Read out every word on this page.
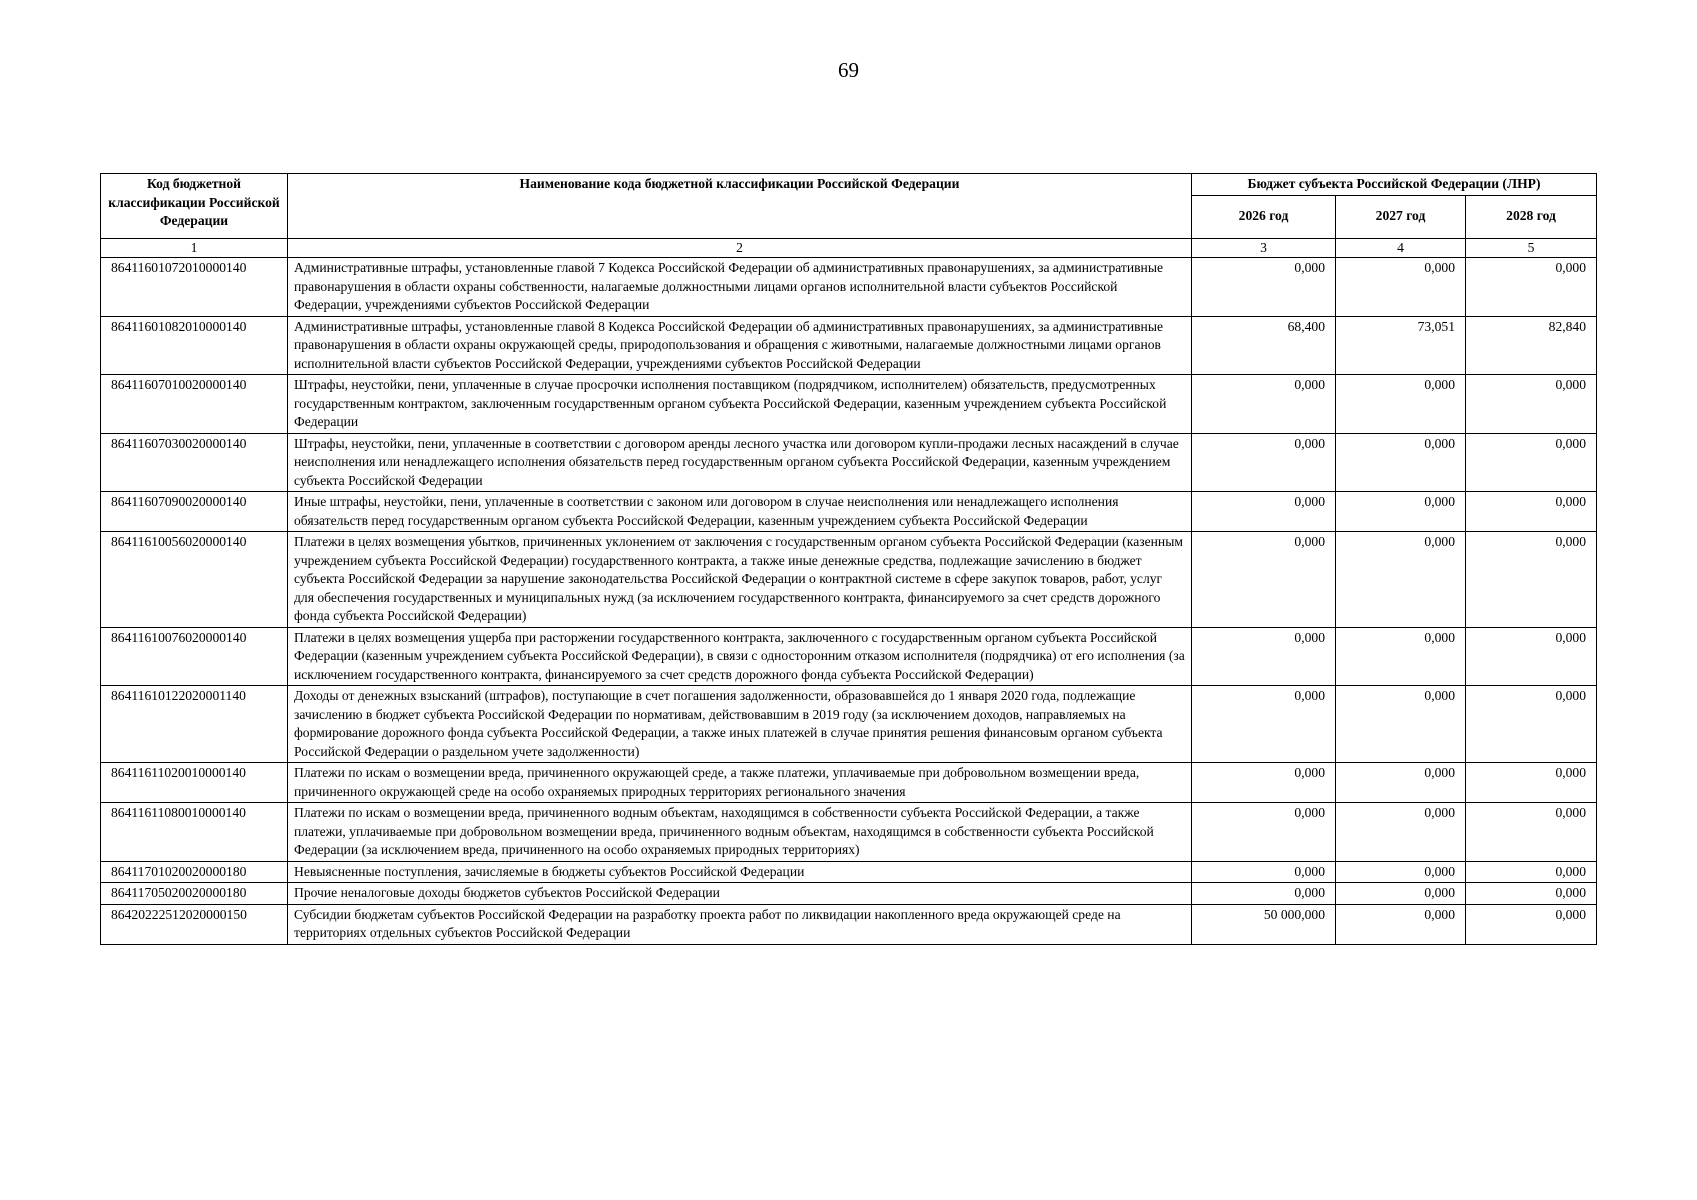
69
Код бюджетной классификации Российской Федерации	Наименование кода бюджетной классификации Российской Федерации	Бюджет субъекта Российской Федерации (ЛНР)		
		2026 год	2027 год	2028 год
1	2	3	4	5
86411601072010000140	Административные штрафы, установленные главой 7 Кодекса Российской Федерации об административных правонарушениях, за административные правонарушения в области охраны собственности, налагаемые должностными лицами органов исполнительной власти субъектов Российской Федерации, учреждениями субъектов Российской Федерации	0,000	0,000	0,000
86411601082010000140	Административные штрафы, установленные главой 8 Кодекса Российской Федерации об административных правонарушениях, за административные правонарушения в области охраны окружающей среды, природопользования и обращения с животными, налагаемые должностными лицами органов исполнительной власти субъектов Российской Федерации, учреждениями субъектов Российской Федерации	68,400	73,051	82,840
86411607010020000140	Штрафы, неустойки, пени, уплаченные в случае просрочки исполнения поставщиком (подрядчиком, исполнителем) обязательств, предусмотренных государственным контрактом, заключенным государственным органом субъекта Российской Федерации, казенным учреждением субъекта Российской Федерации	0,000	0,000	0,000
86411607030020000140	Штрафы, неустойки, пени, уплаченные в соответствии с договором аренды лесного участка или договором купли-продажи лесных насаждений в случае неисполнения или ненадлежащего исполнения обязательств перед государственным органом субъекта Российской Федерации, казенным учреждением субъекта Российской Федерации	0,000	0,000	0,000
86411607090020000140	Иные штрафы, неустойки, пени, уплаченные в соответствии с законом или договором в случае неисполнения или ненадлежащего исполнения обязательств перед государственным органом субъекта Российской Федерации, казенным учреждением субъекта Российской Федерации	0,000	0,000	0,000
86411610056020000140	Платежи в целях возмещения убытков, причиненных уклонением от заключения с государственным органом субъекта Российской Федерации (казенным учреждением субъекта Российской Федерации) государственного контракта, а также иные денежные средства, подлежащие зачислению в бюджет субъекта Российской Федерации за нарушение законодательства Российской Федерации о контрактной системе в сфере закупок товаров, работ, услуг для обеспечения государственных и муниципальных нужд (за исключением государственного контракта, финансируемого за счет средств дорожного фонда субъекта Российской Федерации)	0,000	0,000	0,000
86411610076020000140	Платежи в целях возмещения ущерба при расторжении государственного контракта, заключенного с государственным органом субъекта Российской Федерации (казенным учреждением субъекта Российской Федерации), в связи с односторонним отказом исполнителя (подрядчика) от его исполнения (за исключением государственного контракта, финансируемого за счет средств дорожного фонда субъекта Российской Федерации)	0,000	0,000	0,000
86411610122020001140	Доходы от денежных взысканий (штрафов), поступающие в счет погашения задолженности, образовавшейся до 1 января 2020 года, подлежащие зачислению в бюджет субъекта Российской Федерации по нормативам, действовавшим в 2019 году (за исключением доходов, направляемых на формирование дорожного фонда субъекта Российской Федерации, а также иных платежей в случае принятия решения финансовым органом субъекта Российской Федерации о раздельном учете задолженности)	0,000	0,000	0,000
86411611020010000140	Платежи по искам о возмещении вреда, причиненного окружающей среде, а также платежи, уплачиваемые при добровольном возмещении вреда, причиненного окружающей среде на особо охраняемых природных территориях регионального значения	0,000	0,000	0,000
86411611080010000140	Платежи по искам о возмещении вреда, причиненного водным объектам, находящимся в собственности субъекта Российской Федерации, а также платежи, уплачиваемые при добровольном возмещении вреда, причиненного водным объектам, находящимся в собственности субъекта Российской Федерации (за исключением вреда, причиненного на особо охраняемых природных территориях)	0,000	0,000	0,000
86411701020020000180	Невыясненные поступления, зачисляемые в бюджеты субъектов Российской Федерации	0,000	0,000	0,000
86411705020020000180	Прочие неналоговые доходы бюджетов субъектов Российской Федерации	0,000	0,000	0,000
86420222512020000150	Субсидии бюджетам субъектов Российской Федерации на разработку проекта работ по ликвидации накопленного вреда окружающей среде на территориях отдельных субъектов Российской Федерации	50 000,000	0,000	0,000
